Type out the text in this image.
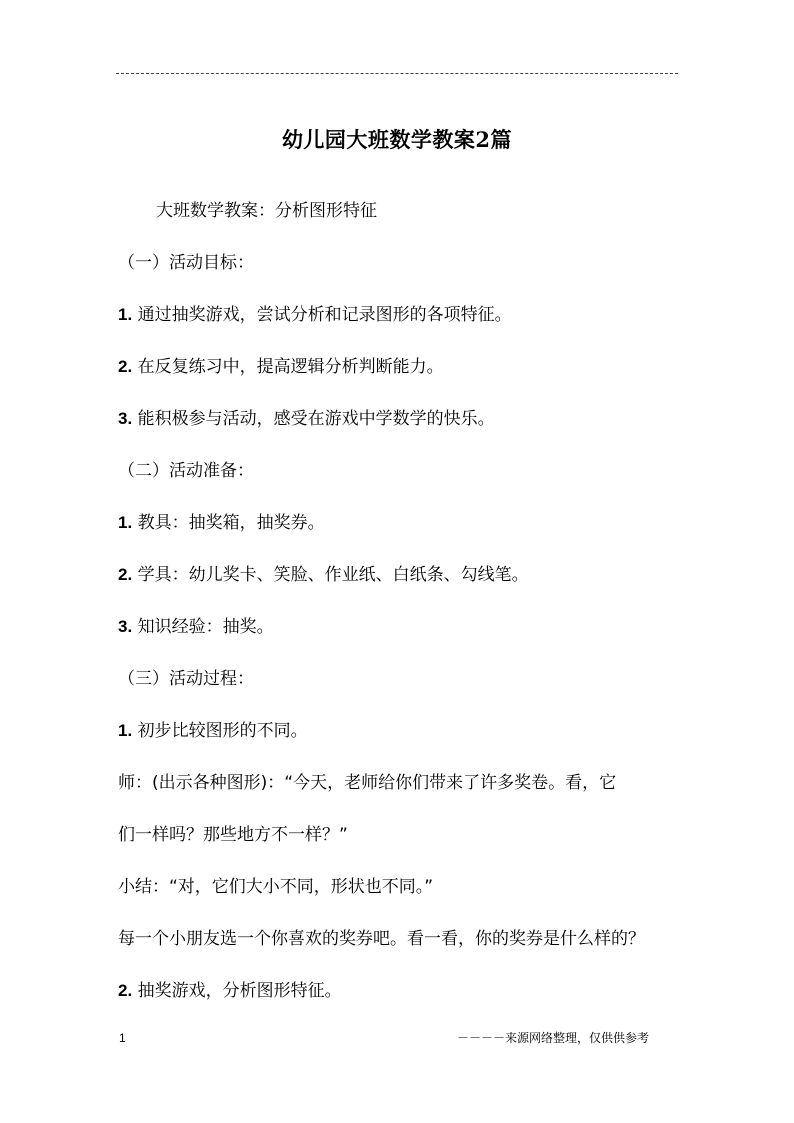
幼儿园大班数学教案2篇
大班数学教案：分析图形特征
（一）活动目标：
1. 通过抽奖游戏，尝试分析和记录图形的各项特征。
2. 在反复练习中，提高逻辑分析判断能力。
3. 能积极参与活动，感受在游戏中学数学的快乐。
（二）活动准备：
1. 教具：抽奖箱，抽奖券。
2. 学具：幼儿奖卡、笑脸、作业纸、白纸条、勾线笔。
3. 知识经验：抽奖。
（三）活动过程：
1. 初步比较图形的不同。
师：(出示各种图形)：“今天，老师给你们带来了许多奖卷。看，它
们一样吗？那些地方不一样？”
小结：“对，它们大小不同，形状也不同。”
每一个小朋友选一个你喜欢的奖券吧。看一看，你的奖券是什么样的？
2. 抽奖游戏，分析图形特征。
1	－－－－来源网络整理，仅供供参考
